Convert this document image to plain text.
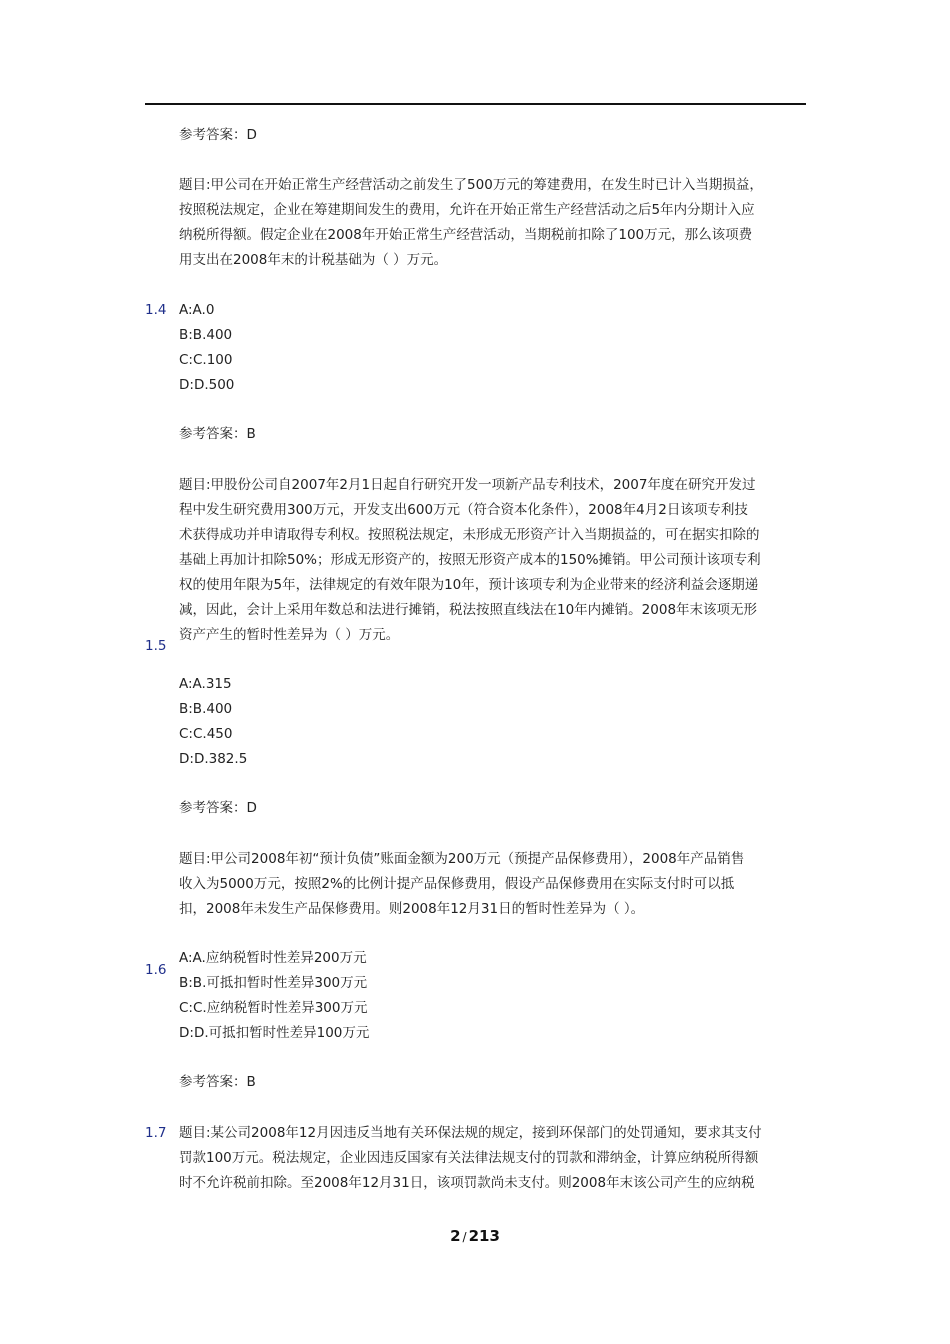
参考答案：D
题目:甲公司在开始正常生产经营活动之前发生了500万元的筹建费用，在发生时已计入当期损益，
按照税法规定，企业在筹建期间发生的费用，允许在开始正常生产经营活动之后5年内分期计入应
纳税所得额。假定企业在2008年开始正常生产经营活动，当期税前扣除了100万元，那么该项费
用支出在2008年末的计税基础为（ ）万元。
1.4 A:A.0
B:B.400
C:C.100
D:D.500
参考答案：B
题目:甲股份公司自2007年2月1日起自行研究开发一项新产品专利技术，2007年度在研究开发过
程中发生研究费用300万元，开发支出600万元（符合资本化条件），2008年4月2日该项专利技
术获得成功并申请取得专利权。按照税法规定，未形成无形资产计入当期损益的，可在据实扣除的
基础上再加计扣除50%；形成无形资产的，按照无形资产成本的150%摊销。甲公司预计该项专利
权的使用年限为5年，法律规定的有效年限为10年，预计该项专利为企业带来的经济利益会逐期递
减，因此，会计上采用年数总和法进行摊销，税法按照直线法在10年内摊销。2008年末该项无形
资产产生的暂时性差异为（ ）万元。
1.5
A:A.315
B:B.400
C:C.450
D:D.382.5
参考答案：D
题目:甲公司2008年初“预计负债”账面金额为200万元（预提产品保修费用），2008年产品销售
收入为5000万元，按照2%的比例计提产品保修费用，假设产品保修费用在实际支付时可以抵
扣，2008年未发生产品保修费用。则2008年12月31日的暂时性差异为（ ）。
1.6
A:A.应纳税暂时性差异200万元
B:B.可抵扣暂时性差异300万元
C:C.应纳税暂时性差异300万元
D:D.可抵扣暂时性差异100万元
参考答案：B
1.7 题目:某公司2008年12月因违反当地有关环保法规的规定，接到环保部门的处罚通知，要求其支付
罚款100万元。税法规定，企业因违反国家有关法律法规支付的罚款和滞纳金，计算应纳税所得额
时不允许税前扣除。至2008年12月31日，该项罚款尚未支付。则2008年末该公司产生的应纳税
2 / 213
